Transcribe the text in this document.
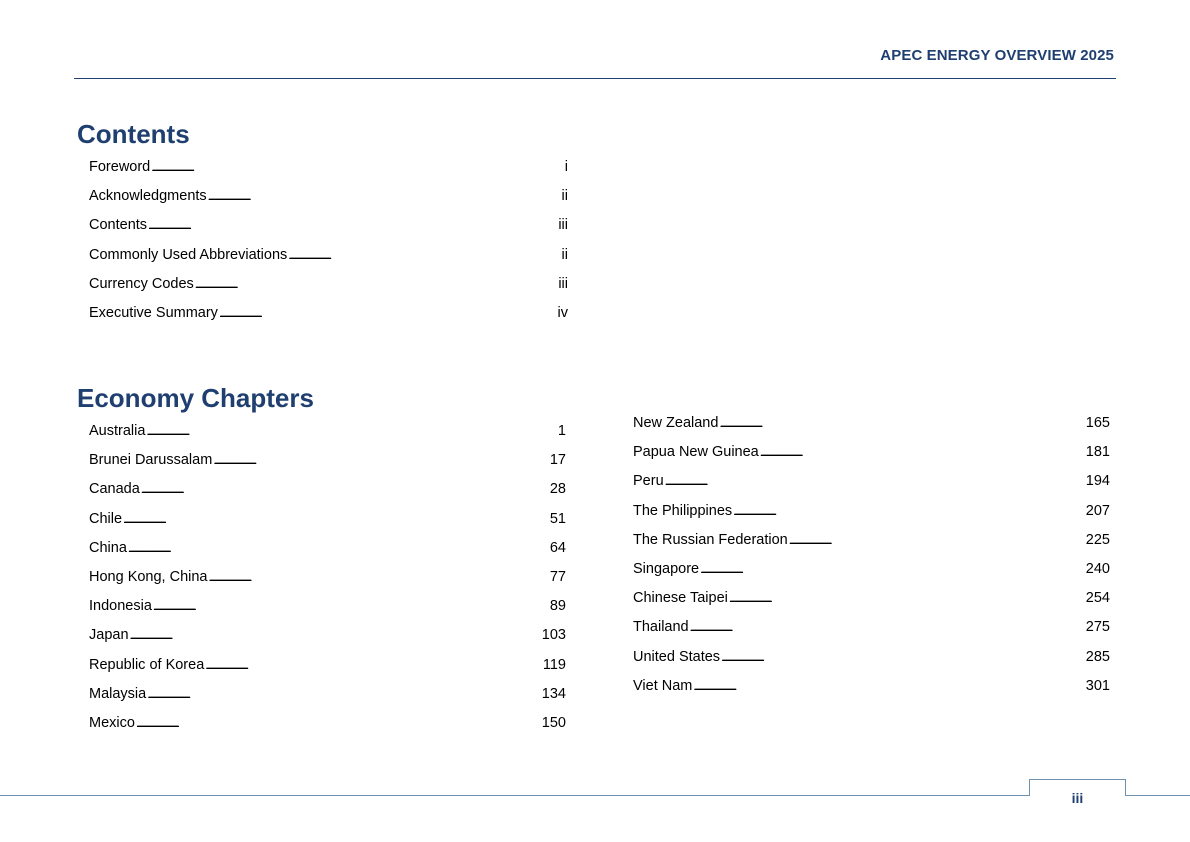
APEC ENERGY OVERVIEW 2025
Contents
Foreword . . .	i
Acknowledgments . . .	ii
Contents . . .	iii
Commonly Used Abbreviations . . .	ii
Currency Codes . . .	iii
Executive Summary . . .	iv
Economy Chapters
Australia . . .	1
Brunei Darussalam . . .	17
Canada . . .	28
Chile . . .	51
China . . .	64
Hong Kong, China . . .	77
Indonesia . . .	89
Japan . . .	103
Republic of Korea . . .	119
Malaysia . . .	134
Mexico . . .	150
New Zealand . . .	165
Papua New Guinea . . .	181
Peru . . .	194
The Philippines . . .	207
The Russian Federation . . .	225
Singapore . . .	240
Chinese Taipei . . .	254
Thailand . . .	275
United States . . .	285
Viet Nam . . .	301
iii
